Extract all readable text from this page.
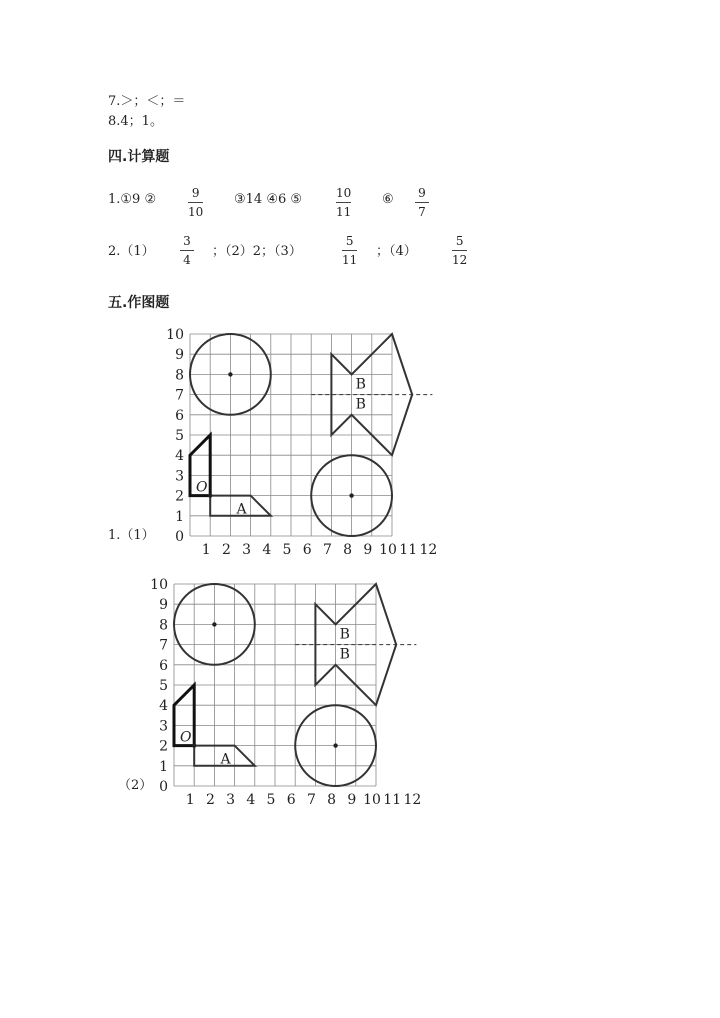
7.＞；＜；＝
8.4；1。
四.计算题
1.①9 ②	9
10
③14 ④6 ⑤	10
11
⑥ 9
7
2.（1）
3
4
；（2）2；（3）
5
11
；（4）
5
12
五.作图题
1.（1）
（2）
0
1
2
3
4
5
6
7
8
9
10
1 2 3 4 5 6 7 8 9 10 11 12
B
B
A
O
0
1
2
3
4
5
6
7
8
9
10
1 2 3 4 5 6 7 8 9 10 11 12
B
B
A
O
